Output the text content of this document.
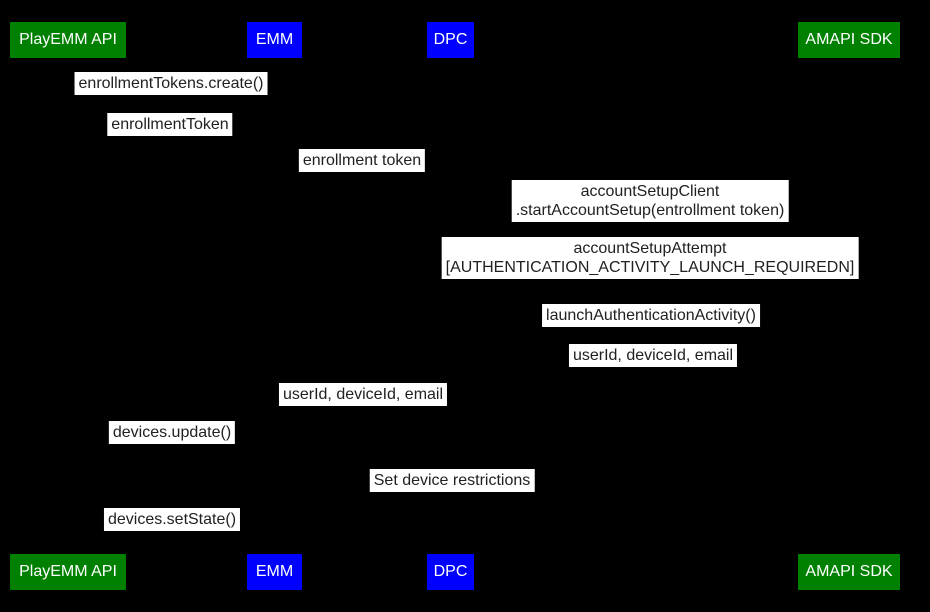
PlayEMM API	EMM	DPC	AMAPI SDK
enrollmentTokens.create()
enrollmentToken
enrollment token
accountSetupClient
.startAccountSetup(entrollment token)
accountSetupAttempt
[AUTHENTICATION_ACTIVITY_LAUNCH_REQUIREDN]
launchAuthenticationActivity()
userId, deviceId, email
userId, deviceId, email
devices.update()
Set device restrictions
devices.setState()
PlayEMM API	EMM	DPC	AMAPI SDK
